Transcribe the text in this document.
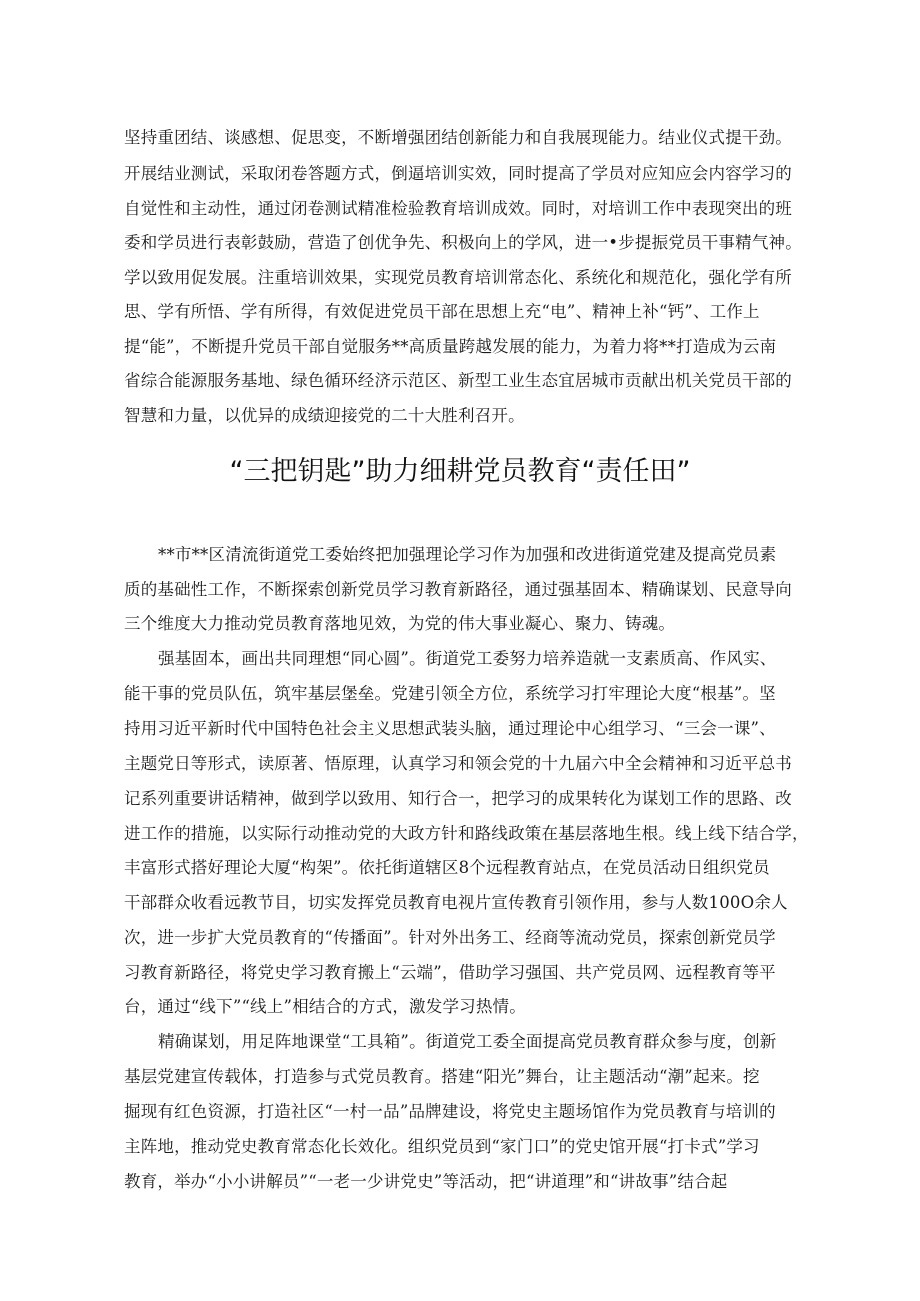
坚持重团结、谈感想、促思变，不断增强团结创新能力和自我展现能力。结业仪式提干劲。
开展结业测试，采取闭卷答题方式，倒逼培训实效，同时提高了学员对应知应会内容学习的
自觉性和主动性，通过闭卷测试精准检验教育培训成效。同时，对培训工作中表现突出的班
委和学员进行表彰鼓励，营造了创优争先、积极向上的学风，进一•步提振党员干事精气神。
学以致用促发展。注重培训效果，实现党员教育培训常态化、系统化和规范化，强化学有所
思、学有所悟、学有所得，有效促进党员干部在思想上充“电”、精神上补“钙”、工作上
提“能”，不断提升党员干部自觉服务**高质量跨越发展的能力，为着力将**打造成为云南
省综合能源服务基地、绿色循环经济示范区、新型工业生态宜居城市贡献出机关党员干部的
智慧和力量，以优异的成绩迎接党的二十大胜利召开。
“三把钥匙”助力细耕党员教育“责任田”
**市**区清流街道党工委始终把加强理论学习作为加强和改进街道党建及提高党员素
质的基础性工作，不断探索创新党员学习教育新路径，通过强基固本、精确谋划、民意导向
三个维度大力推动党员教育落地见效，为党的伟大事业凝心、聚力、铸魂。
强基固本，画出共同理想“同心圆”。街道党工委努力培养造就一支素质高、作风实、
能干事的党员队伍，筑牢基层堡垒。党建引领全方位，系统学习打牢理论大度“根基”。坚
持用习近平新时代中国特色社会主义思想武装头脑，通过理论中心组学习、“三会一课”、
主题党日等形式，读原著、悟原理，认真学习和领会党的十九届六中全会精神和习近平总书
记系列重要讲话精神，做到学以致用、知行合一，把学习的成果转化为谋划工作的思路、改
进工作的措施，以实际行动推动党的大政方针和路线政策在基层落地生根。线上线下结合学，
丰富形式搭好理论大厦“构架”。依托街道辖区8个远程教育站点，在党员活动日组织党员
干部群众收看远教节目，切实发挥党员教育电视片宣传教育引领作用，参与人数100O余人
次，进一步扩大党员教育的“传播面”。针对外出务工、经商等流动党员，探索创新党员学
习教育新路径，将党史学习教育搬上“云端”，借助学习强国、共产党员网、远程教育等平
台，通过“线下”“线上”相结合的方式，激发学习热情。
精确谋划，用足阵地课堂“工具箱”。街道党工委全面提高党员教育群众参与度，创新
基层党建宣传载体，打造参与式党员教育。搭建“阳光”舞台，让主题活动“潮”起来。挖
掘现有红色资源，打造社区“一村一品”品牌建设，将党史主题场馆作为党员教育与培训的
主阵地，推动党史教育常态化长效化。组织党员到“家门口”的党史馆开展“打卡式”学习
教育，举办“小小讲解员”“一老一少讲党史”等活动，把“讲道理”和“讲故事”结合起
